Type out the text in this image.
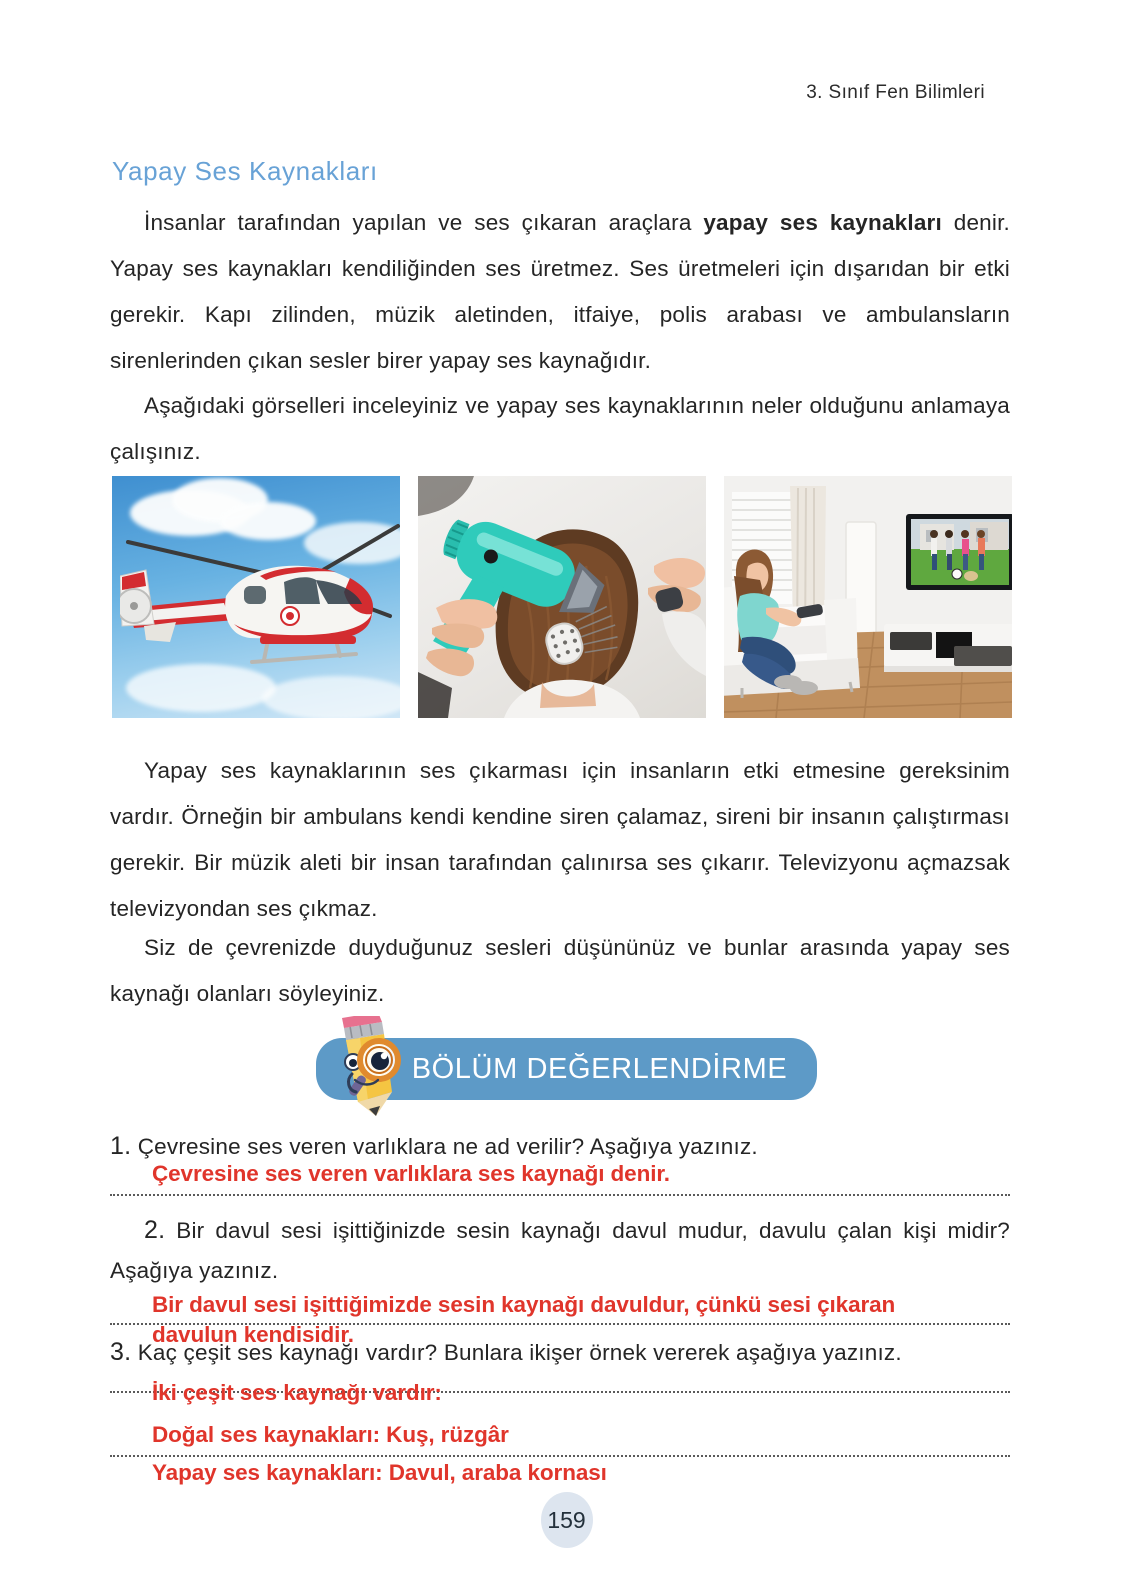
3. Sınıf Fen Bilimleri
Yapay Ses Kaynakları

İnsanlar tarafından yapılan ve ses çıkaran araçlara yapay ses kaynakları denir. Yapay ses kaynakları kendiliğinden ses üretmez. Ses üretmeleri için dışarıdan bir etki gerekir. Kapı zilinden, müzik aletinden, itfaiye, polis arabası ve ambulansların sirenlerinden çıkan sesler birer yapay ses kaynağıdır.

Aşağıdaki görselleri inceleyiniz ve yapay ses kaynaklarının neler olduğunu anlamaya çalışınız.

Yapay ses kaynaklarının ses çıkarması için insanların etki etmesine gereksinim vardır. Örneğin bir ambulans kendi kendine siren çalamaz, sireni bir insanın çalıştırması gerekir. Bir müzik aleti bir insan tarafından çalınırsa ses çıkarır. Televizyonu açmazsak televizyondan ses çıkmaz.

Siz de çevrenizde duyduğunuz sesleri düşününüz ve bunlar arasında yapay ses kaynağı olanları söyleyiniz.

BÖLÜM DEĞERLENDİRME
1. Çevresine ses veren varlıklara ne ad verilir? Aşağıya yazınız.
Çevresine ses veren varlıklara ses kaynağı denir.
2. Bir davul sesi işittiğinizde sesin kaynağı davul mudur, davulu çalan kişi midir? Aşağıya yazınız.
Bir davul sesi işittiğimizde sesin kaynağı davuldur, çünkü sesi çıkaran
davulun kendisidir.
3. Kaç çeşit ses kaynağı vardır? Bunlara ikişer örnek vererek aşağıya yazınız.
İki çeşit ses kaynağı vardır:
Doğal ses kaynakları: Kuş, rüzgâr
Yapay ses kaynakları: Davul, araba kornası
159
